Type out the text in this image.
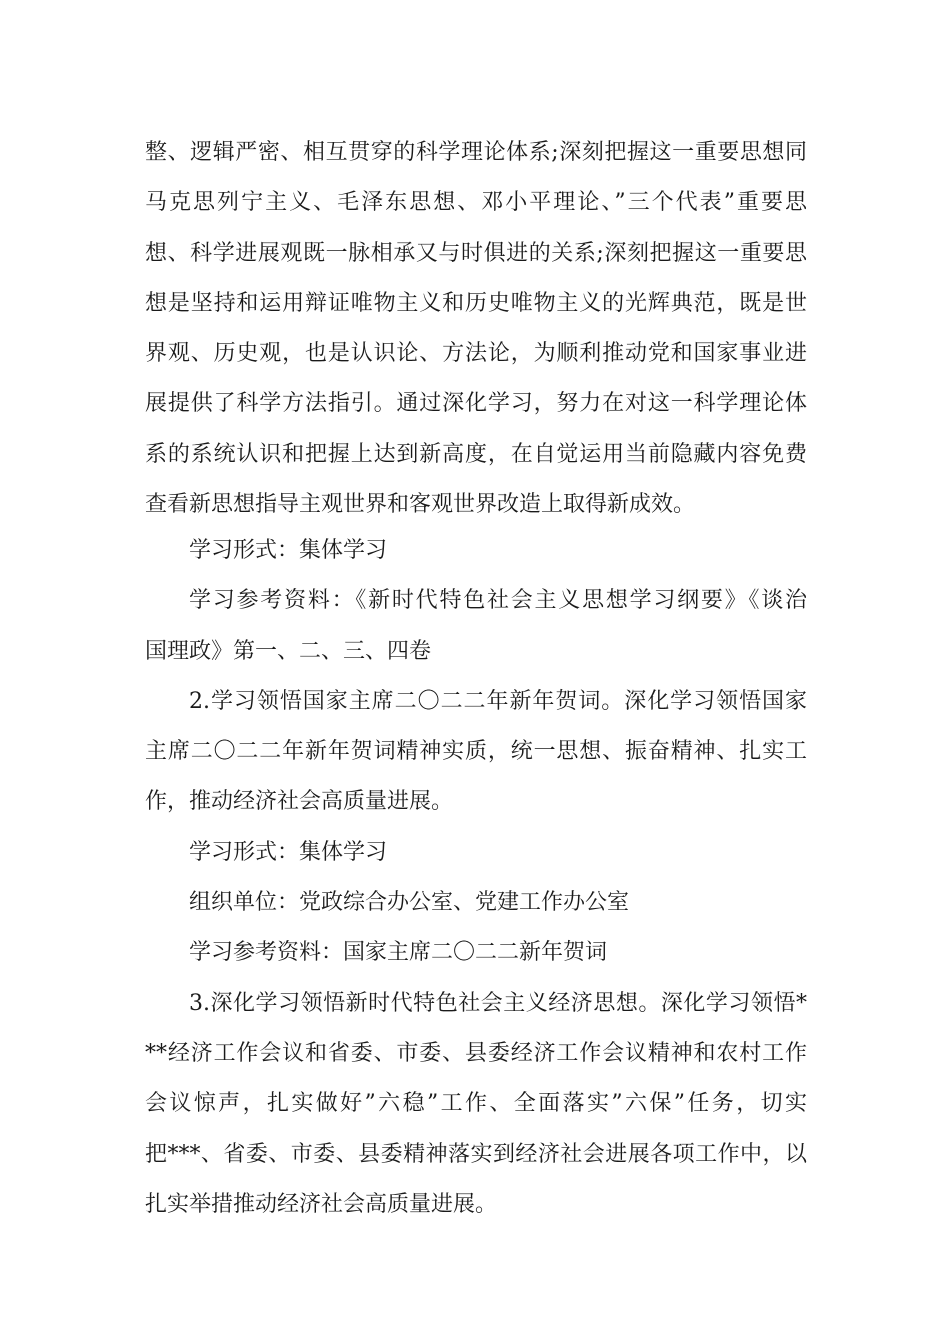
整、逻辑严密、相互贯穿的科学理论体系;深刻把握这一重要思想同
马克思列宁主义、毛泽东思想、邓小平理论、”三个代表”重要思
想、科学进展观既一脉相承又与时俱进的关系;深刻把握这一重要思
想是坚持和运用辩证唯物主义和历史唯物主义的光辉典范，既是世
界观、历史观，也是认识论、方法论，为顺利推动党和国家事业进
展提供了科学方法指引。通过深化学习，努力在对这一科学理论体
系的系统认识和把握上达到新高度，在自觉运用当前隐藏内容免费
查看新思想指导主观世界和客观世界改造上取得新成效。
学习形式：集体学习
学习参考资料：《新时代特色社会主义思想学习纲要》《谈治
国理政》第一、二、三、四卷
2.学习领悟国家主席二〇二二年新年贺词。深化学习领悟国家
主席二〇二二年新年贺词精神实质，统一思想、振奋精神、扎实工
作，推动经济社会高质量进展。
学习形式：集体学习
组织单位：党政综合办公室、党建工作办公室
学习参考资料：国家主席二〇二二新年贺词
3.深化学习领悟新时代特色社会主义经济思想。深化学习领悟*
**经济工作会议和省委、市委、县委经济工作会议精神和农村工作
会议惊声，扎实做好”六稳”工作、全面落实”六保”任务，切实
把***、省委、市委、县委精神落实到经济社会进展各项工作中，以
扎实举措推动经济社会高质量进展。
